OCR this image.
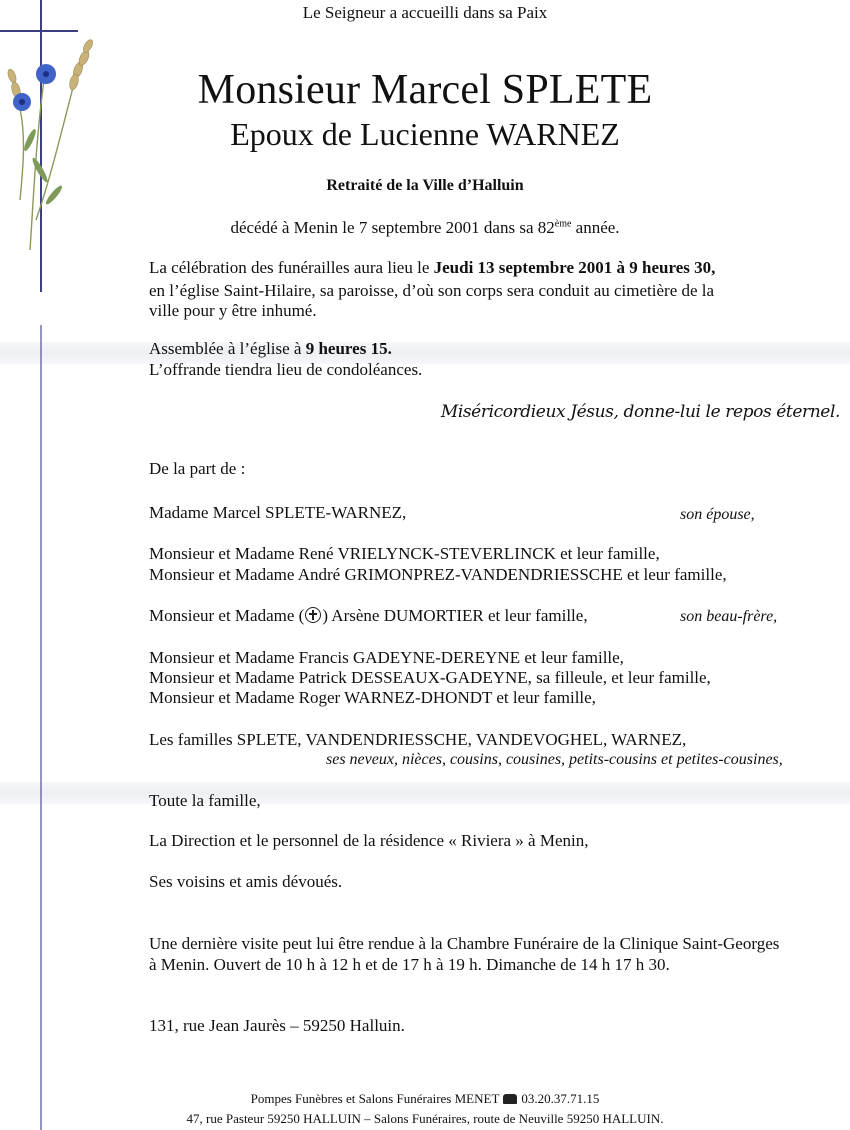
Le Seigneur a accueilli dans sa Paix
Monsieur Marcel SPLETE
Epoux de Lucienne WARNEZ
Retraité de la Ville d’Halluin
décédé à Menin le 7 septembre 2001 dans sa 82ème année.
La célébration des funérailles aura lieu le Jeudi 13 septembre 2001 à 9 heures 30,
en l’église Saint-Hilaire, sa paroisse, d’où son corps sera conduit au cimetière de la
ville pour y être inhumé.
Assemblée à l’église à 9 heures 15.
L’offrande tiendra lieu de condoléances.
Miséricordieux Jésus, donne-lui le repos éternel.
De la part de :
Madame Marcel SPLETE-WARNEZ,	son épouse,
Monsieur et Madame René VRIELYNCK-STEVERLINCK et leur famille,
Monsieur et Madame André GRIMONPREZ-VANDENDRIESSCHE et leur famille,
Monsieur et Madame ( ) Arsène DUMORTIER et leur famille,	son beau-frère,
Monsieur et Madame Francis GADEYNE-DEREYNE et leur famille,
Monsieur et Madame Patrick DESSEAUX-GADEYNE, sa filleule, et leur famille,
Monsieur et Madame Roger WARNEZ-DHONDT et leur famille,
Les familles SPLETE, VANDENDRIESSCHE, VANDEVOGHEL, WARNEZ,
ses neveux, nièces, cousins, cousines, petits-cousins et petites-cousines,
Toute la famille,
La Direction et le personnel de la résidence « Riviera » à Menin,
Ses voisins et amis dévoués.
Une dernière visite peut lui être rendue à la Chambre Funéraire de la Clinique Saint-Georges
à Menin. Ouvert de 10 h à 12 h et de 17 h à 19 h. Dimanche de 14 h 17 h 30.
131, rue Jean Jaurès – 59250 Halluin.
Pompes Funèbres et Salons Funéraires MENET 03.20.37.71.15
47, rue Pasteur 59250 HALLUIN – Salons Funéraires, route de Neuville 59250 HALLUIN.
